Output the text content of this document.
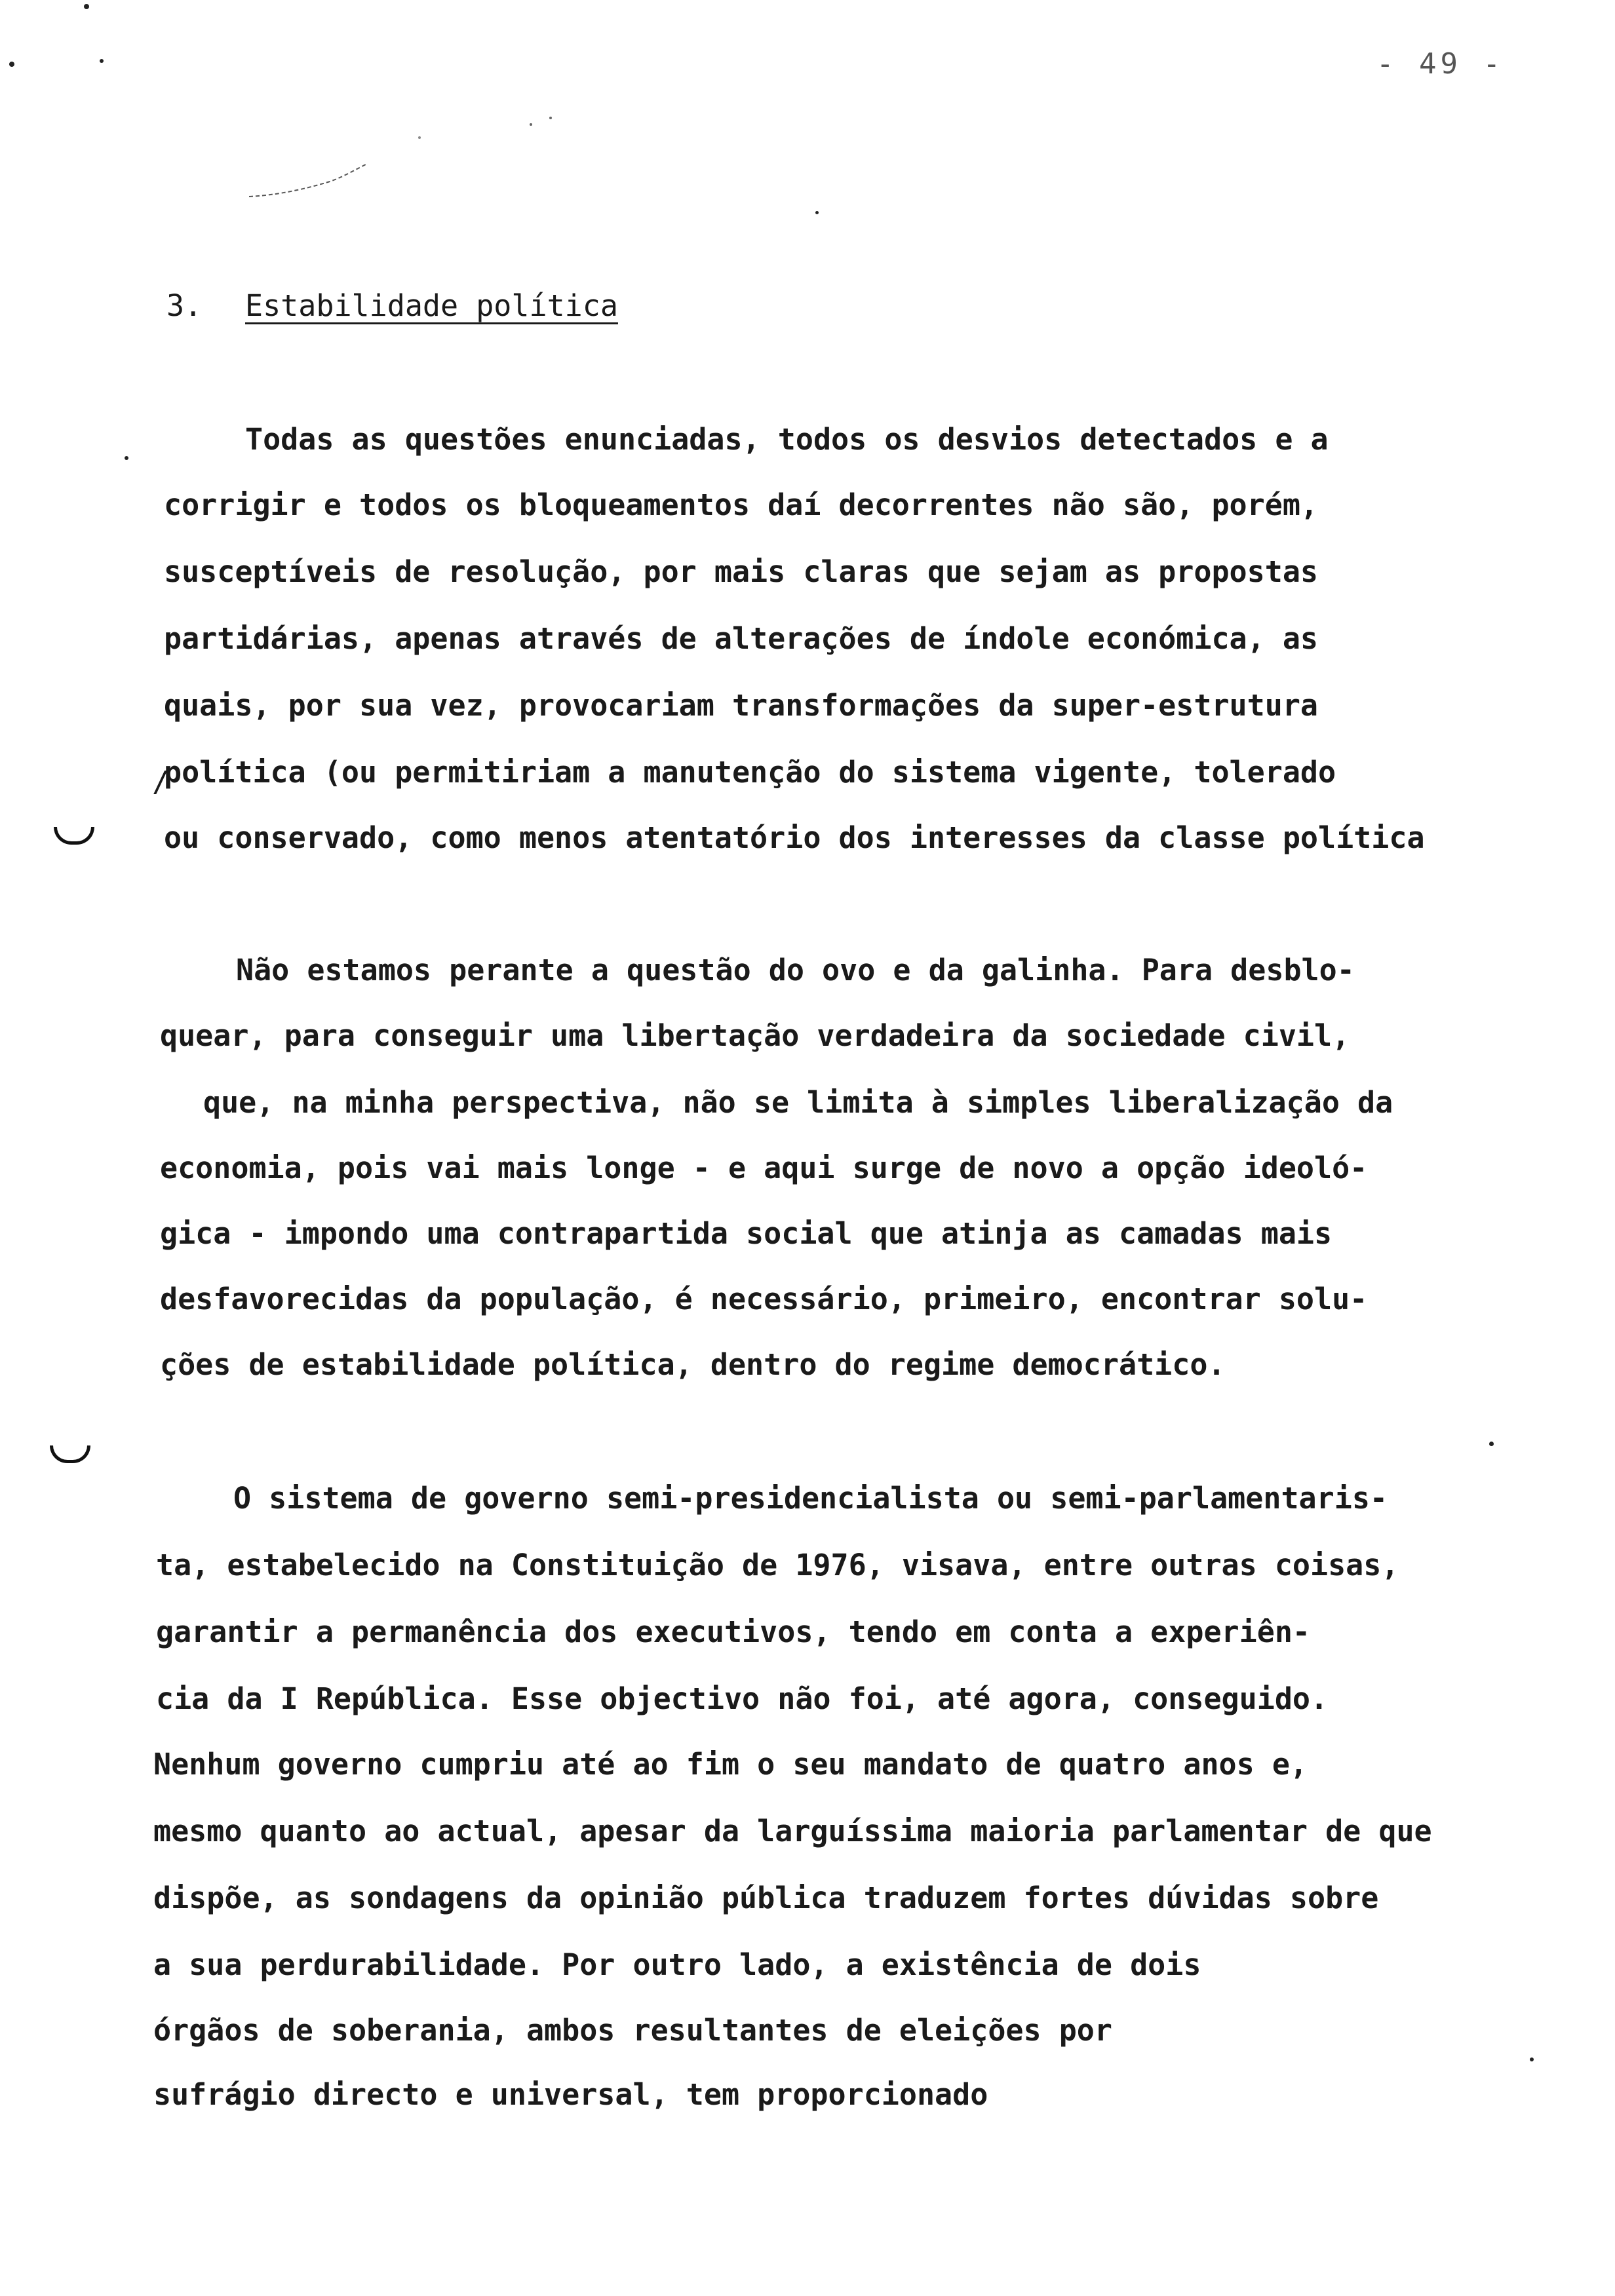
- 49 -
3. Estabilidade política
Todas as questões enunciadas, todos os desvios detectados e a
corrigir e todos os bloqueamentos daí decorrentes não são, porém,
susceptíveis de resolução, por mais claras que sejam as propostas
partidárias, apenas através de alterações de índole económica, as
quais, por sua vez, provocariam transformações da super-estrutura
política (ou permitiriam a manutenção do sistema vigente, tolerado
ou conservado, como menos atentatório dos interesses da classe política
/
Não estamos perante a questão do ovo e da galinha. Para desblo-
quear, para conseguir uma libertação verdadeira da sociedade civil,
que, na minha perspectiva, não se limita à simples liberalização da
economia, pois vai mais longe - e aqui surge de novo a opção ideoló-
gica - impondo uma contrapartida social que atinja as camadas mais
desfavorecidas da população, é necessário, primeiro, encontrar solu-
ções de estabilidade política, dentro do regime democrático.
O sistema de governo semi-presidencialista ou semi-parlamentaris-
ta, estabelecido na Constituição de 1976, visava, entre outras coisas,
garantir a permanência dos executivos, tendo em conta a experiên-
cia da I República. Esse objectivo não foi, até agora, conseguido.
Nenhum governo cumpriu até ao fim o seu mandato de quatro anos e,
mesmo quanto ao actual, apesar da larguíssima maioria parlamentar de que
dispõe, as sondagens da opinião pública traduzem fortes dúvidas sobre
a sua perdurabilidade. Por outro lado, a existência de dois
órgãos de soberania, ambos resultantes de eleições por
sufrágio directo e universal, tem proporcionado
